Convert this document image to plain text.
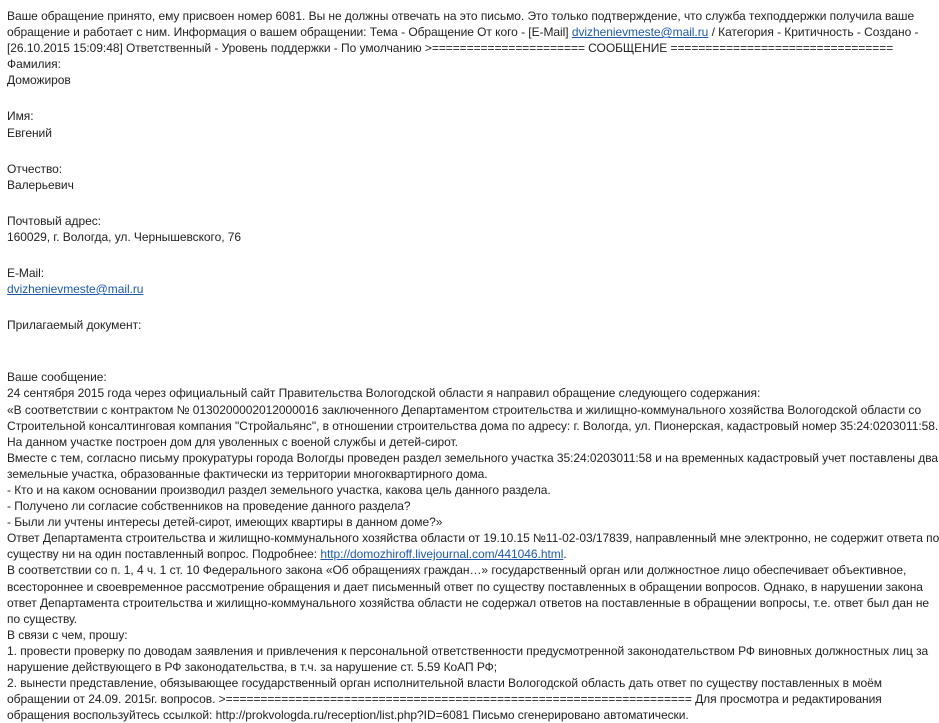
Ваше обращение принято, ему присвоен номер 6081. Вы не должны отвечать на это письмо. Это только подтверждение, что служба техподдержки получила ваше
обращение и работает с ним. Информация о вашем обращении: Тема - Обращение От кого - [E-Mail] dvizhenievmeste@mail.ru / Категория - Критичность - Создано -
[26.10.2015 15:09:48] Ответственный - Уровень поддержки - По умолчанию >====================== СООБЩЕНИЕ ================================
Фамилия:
Доможиров
Имя:
Евгений
Отчество:
Валерьевич
Почтовый адрес:
160029, г. Вологда, ул. Чернышевского, 76
E-Mail:
dvizhenievmeste@mail.ru
Прилагаемый документ:
Ваше сообщение:
24 сентября 2015 года через официальный сайт Правительства Вологодской области я направил обращение следующего содержания:
«В соответствии с контрактом № 0130200002012000016 заключенного Департаментом строительства и жилищно-коммунального хозяйства Вологодской области со
Строительной консалтинговая компания "Стройальянс", в отношении строительства дома по адресу: г. Вологда, ул. Пионерская, кадастровый номер 35:24:0203011:58.
На данном участке построен дом для уволенных с военой службы и детей-сирот.
Вместе с тем, согласно письму прокуратуры города Вологды проведен раздел земельного участка 35:24:0203011:58 и на временных кадастровый учет поставлены два
земельные участка, образованные фактически из территории многоквартирного дома.
- Кто и на каком основании производил раздел земельного участка, какова цель данного раздела.
- Получено ли согласие собственников на проведение данного раздела?
- Были ли учтены интересы детей-сирот, имеющих квартиры в данном доме?»
Ответ Департамента строительства и жилищно-коммунального хозяйства области от 19.10.15 №11-02-03/17839, направленный мне электронно, не содержит ответа по
существу ни на один поставленный вопрос. Подробнее: http://domozhiroff.livejournal.com/441046.html.
В соответствии со п. 1, 4 ч. 1 ст. 10 Федерального закона «Об обращениях граждан…» государственный орган или должностное лицо обеспечивает объективное,
всестороннее и своевременное рассмотрение обращения и дает письменный ответ по существу поставленных в обращении вопросов. Однако, в нарушении закона
ответ Департамента строительства и жилищно-коммунального хозяйства области не содержал ответов на поставленные в обращении вопросы, т.е. ответ был дан не
по существу.
В связи с чем, прошу:
1. провести проверку по доводам заявления и привлечения к персональной ответственности предусмотренной законодательством РФ виновных должностных лиц за
нарушение действующего в РФ законодательства, в т.ч. за нарушение ст. 5.59 КоАП РФ;
2. вынести представление, обязывающее государственный орган исполнительной власти Вологодской область дать ответ по существу поставленных в моём
обращении от 24.09. 2015г. вопросов. >=================================================================== Для просмотра и редактирования
обращения воспользуйтесь ссылкой: http://prokvologda.ru/reception/list.php?ID=6081 Письмо сгенерировано автоматически.
